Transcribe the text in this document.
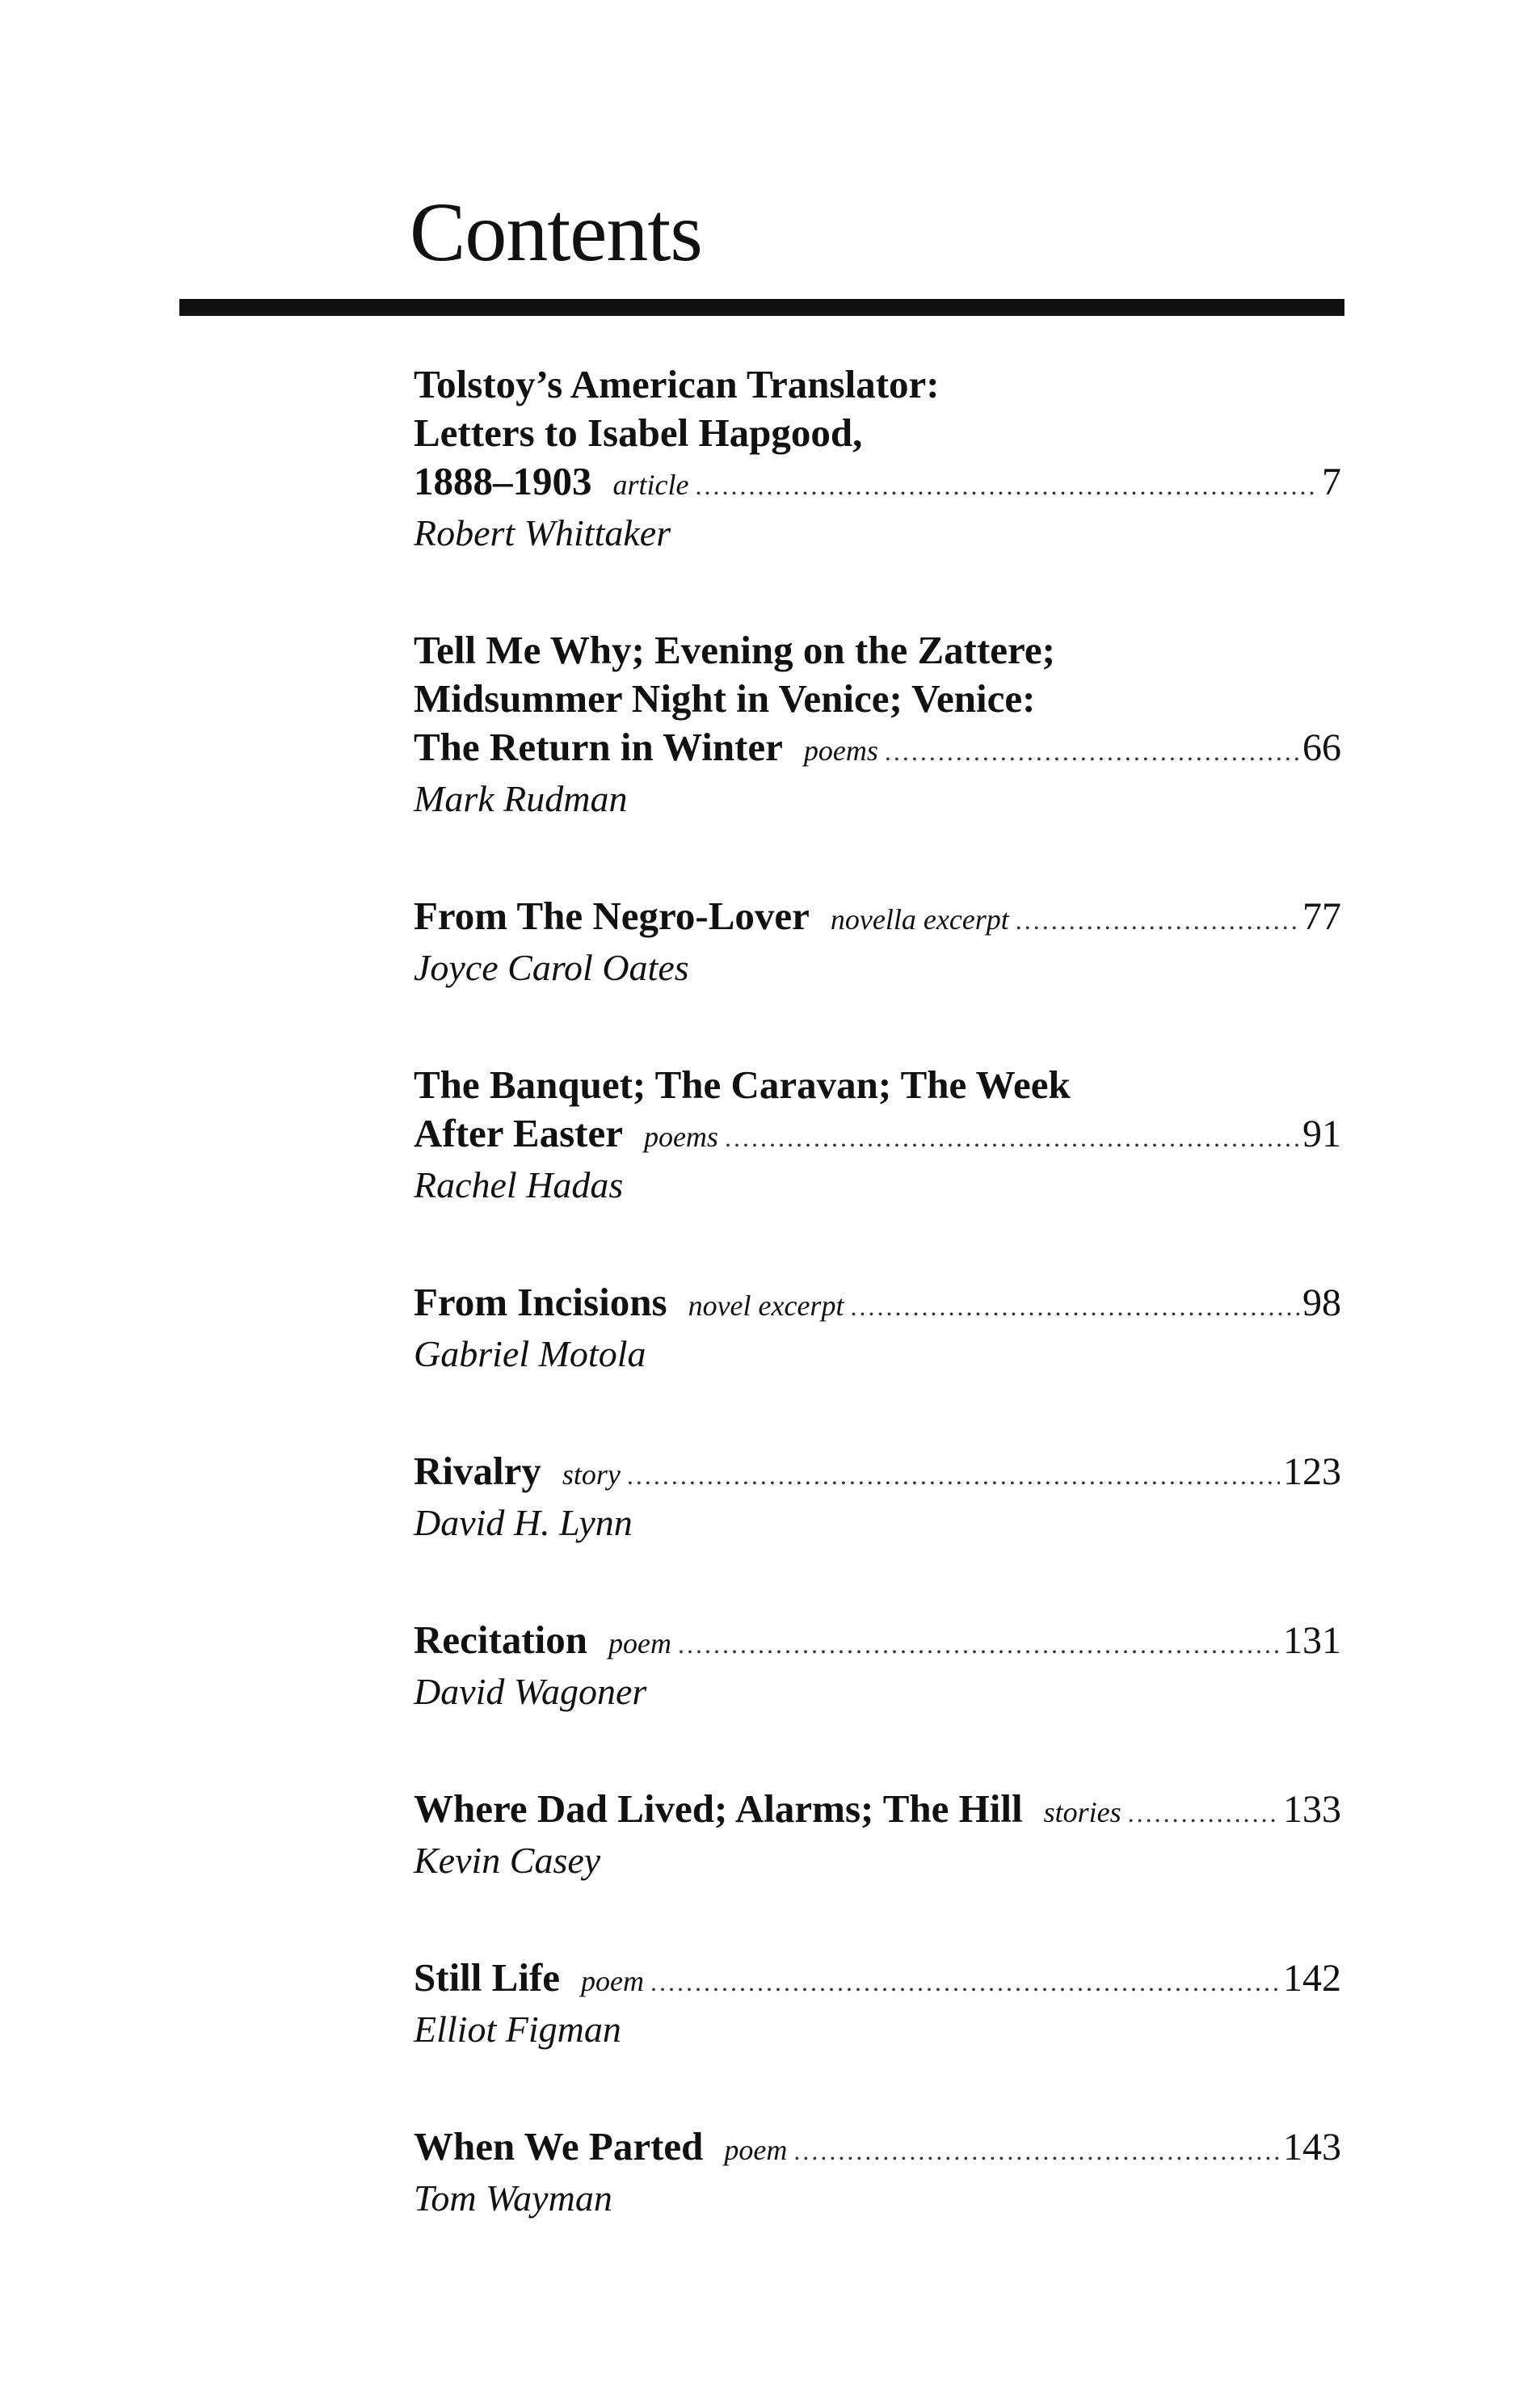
Contents
Tolstoy’s American Translator:
Letters to Isabel Hapgood,
1888–1903 article .....	7
Robert Whittaker
Tell Me Why; Evening on the Zattere;
Midsummer Night in Venice; Venice:
The Return in Winter poems .....	66
Mark Rudman
From The Negro-Lover novella excerpt .....	77
Joyce Carol Oates
The Banquet; The Caravan; The Week
After Easter poems .....	91
Rachel Hadas
From Incisions novel excerpt .....	98
Gabriel Motola
Rivalry story .....	123
David H. Lynn
Recitation poem .....	131
David Wagoner
Where Dad Lived; Alarms; The Hill stories .....	133
Kevin Casey
Still Life poem .....	142
Elliot Figman
When We Parted poem .....	143
Tom Wayman
